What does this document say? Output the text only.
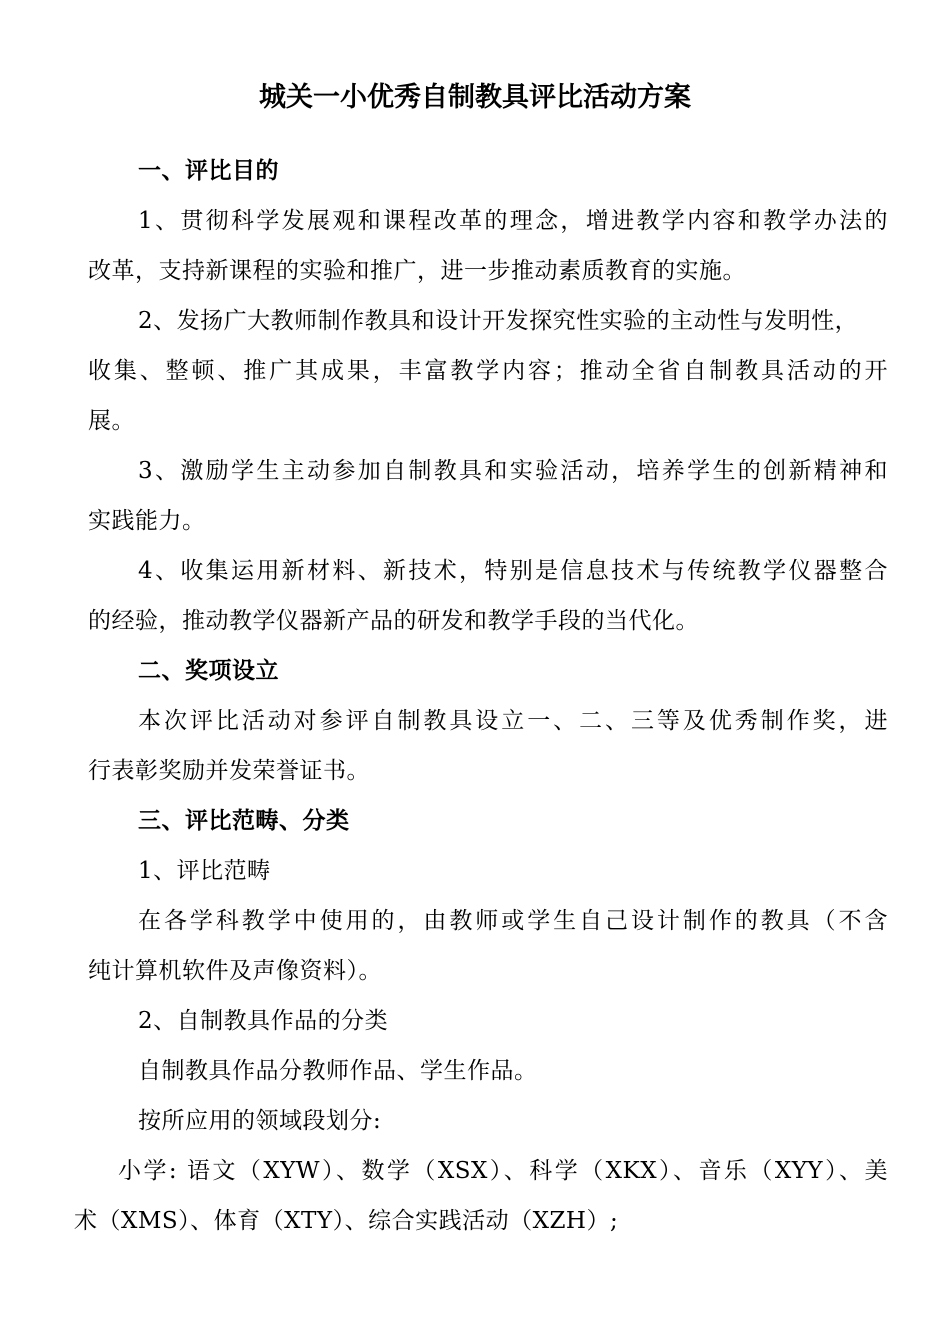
城关一小优秀自制教具评比活动方案
一、评比目的
1、贯彻科学发展观和课程改革的理念，增进教学内容和教学办法的
改革，支持新课程的实验和推广，进一步推动素质教育的实施。
2、发扬广大教师制作教具和设计开发探究性实验的主动性与发明性，
收集、整顿、推广其成果，丰富教学内容；推动全省自制教具活动的开
展。
3、激励学生主动参加自制教具和实验活动，培养学生的创新精神和
实践能力。
4、收集运用新材料、新技术，特别是信息技术与传统教学仪器整合
的经验，推动教学仪器新产品的研发和教学手段的当代化。
二、奖项设立
本次评比活动对参评自制教具设立一、二、三等及优秀制作奖，进
行表彰奖励并发荣誉证书。
三、评比范畴、分类
1、评比范畴
在各学科教学中使用的，由教师或学生自己设计制作的教具（不含
纯计算机软件及声像资料）。
2、自制教具作品的分类
自制教具作品分教师作品、学生作品。
按所应用的领域段划分:
小学: 语文（XYW）、数学（XSX）、科学（XKX）、音乐（XYY）、美
术（XMS）、体育（XTY）、综合实践活动（XZH）;
